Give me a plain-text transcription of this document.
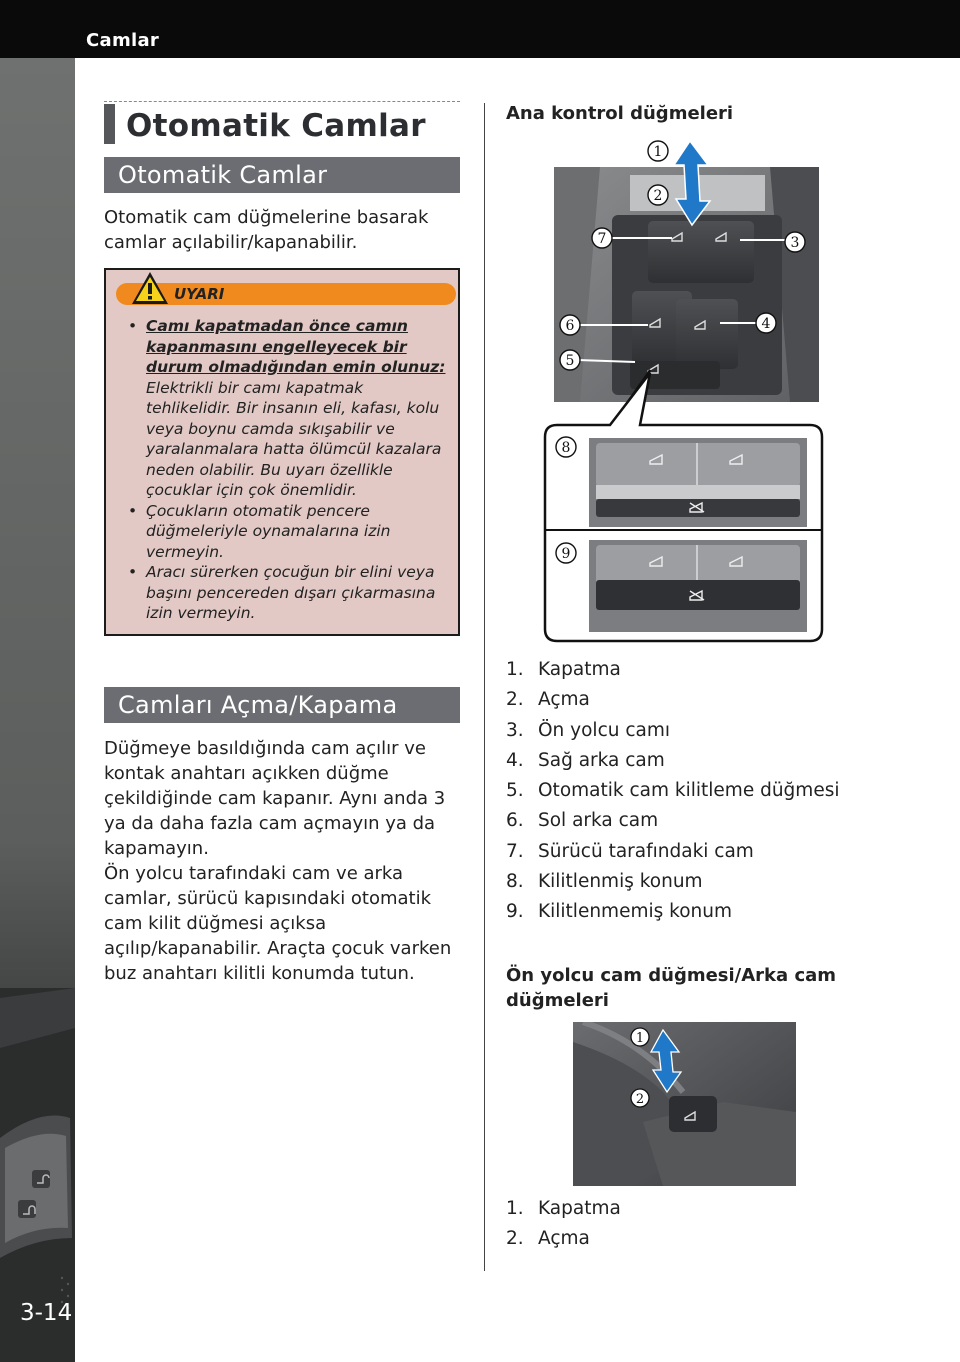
Camlar
3-14
Otomatik Camlar
Otomatik Camlar
Otomatik cam düğmelerine basarak camlar açılabilir/kapanabilir.
UYARI
• Camı kapatmadan önce camın kapanmasını engelleyecek bir durum olmadığından emin olunuz:
Elektrikli bir camı kapatmak tehlikelidir. Bir insanın eli, kafası, kolu veya boynu camda sıkışabilir ve yaralanmalara hatta ölümcül kazalara neden olabilir. Bu uyarı özellikle çocuklar için çok önemlidir.
• Çocukların otomatik pencere düğmeleriyle oynamalarına izin vermeyin.
• Aracı sürerken çocuğun bir elini veya başını pencereden dışarı çıkarmasına izin vermeyin.
Camları Açma/Kapama
Düğmeye basıldığında cam açılır ve kontak anahtarı açıkken düğme çekildiğinde cam kapanır. Aynı anda 3 ya da daha fazla cam açmayın ya da kapamayın.
Ön yolcu tarafındaki cam ve arka camlar, sürücü kapısındaki otomatik cam kilit düğmesi açıksa açılıp/kapanabilir. Araçta çocuk varken buz anahtarı kilitli konumda tutun.
Ana kontrol düğmeleri
1
2
7	3
6	4
5
8
9
1. Kapatma
2. Açma
3. Ön yolcu camı
4. Sağ arka cam
5. Otomatik cam kilitleme düğmesi
6. Sol arka cam
7. Sürücü tarafındaki cam
8. Kilitlenmiş konum
9. Kilitlenmemiş konum
Ön yolcu cam düğmesi/Arka cam düğmeleri
1
2
1. Kapatma
2. Açma
